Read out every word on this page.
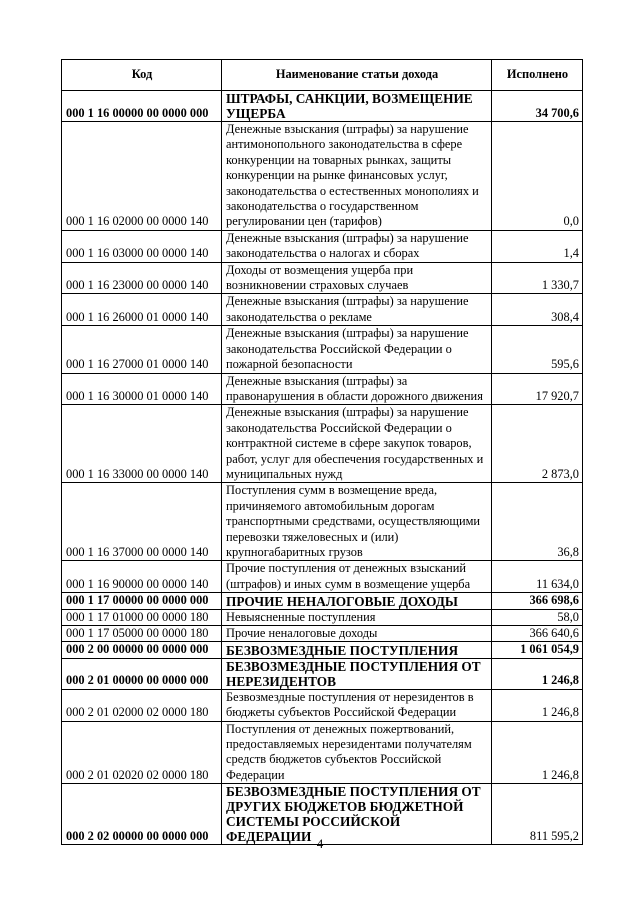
Код	Наименование статьи дохода	Исполнено
000 1 16 00000 00 0000 000	ШТРАФЫ, САНКЦИИ, ВОЗМЕЩЕНИЕ УЩЕРБА	34 700,6
000 1 16 02000 00 0000 140	Денежные взыскания (штрафы) за нарушение антимонопольного законодательства в сфере конкуренции на товарных рынках, защиты конкуренции на рынке финансовых услуг, законодательства о естественных монополиях и законодательства о государственном регулировании цен (тарифов)	0,0
000 1 16 03000 00 0000 140	Денежные взыскания (штрафы) за нарушение законодательства о налогах и сборах	1,4
000 1 16 23000 00 0000 140	Доходы от возмещения ущерба при возникновении страховых случаев	1 330,7
000 1 16 26000 01 0000 140	Денежные взыскания (штрафы) за нарушение законодательства о рекламе	308,4
000 1 16 27000 01 0000 140	Денежные взыскания (штрафы) за нарушение законодательства Российской Федерации о пожарной безопасности	595,6
000 1 16 30000 01 0000 140	Денежные взыскания (штрафы) за правонарушения в области дорожного движения	17 920,7
000 1 16 33000 00 0000 140	Денежные взыскания (штрафы) за нарушение законодательства Российской Федерации о контрактной системе в сфере закупок товаров, работ, услуг для обеспечения государственных и муниципальных нужд	2 873,0
000 1 16 37000 00 0000 140	Поступления сумм в возмещение вреда, причиняемого автомобильным дорогам транспортными средствами, осуществляющими перевозки тяжеловесных и (или) крупногабаритных грузов	36,8
000 1 16 90000 00 0000 140	Прочие поступления от денежных взысканий (штрафов) и иных сумм в возмещение ущерба	11 634,0
000 1 17 00000 00 0000 000	ПРОЧИЕ НЕНАЛОГОВЫЕ ДОХОДЫ	366 698,6
000 1 17 01000 00 0000 180	Невыясненные поступления	58,0
000 1 17 05000 00 0000 180	Прочие неналоговые доходы	366 640,6
000 2 00 00000 00 0000 000	БЕЗВОЗМЕЗДНЫЕ ПОСТУПЛЕНИЯ	1 061 054,9
000 2 01 00000 00 0000 000	БЕЗВОЗМЕЗДНЫЕ ПОСТУПЛЕНИЯ ОТ НЕРЕЗИДЕНТОВ	1 246,8
000 2 01 02000 02 0000 180	Безвозмездные поступления от нерезидентов в бюджеты субъектов Российской Федерации	1 246,8
000 2 01 02020 02 0000 180	Поступления от денежных пожертвований, предоставляемых нерезидентами получателям средств бюджетов субъектов Российской Федерации	1 246,8
000 2 02 00000 00 0000 000	БЕЗВОЗМЕЗДНЫЕ ПОСТУПЛЕНИЯ ОТ ДРУГИХ БЮДЖЕТОВ БЮДЖЕТНОЙ СИСТЕМЫ РОССИЙСКОЙ ФЕДЕРАЦИИ	811 595,2
4
